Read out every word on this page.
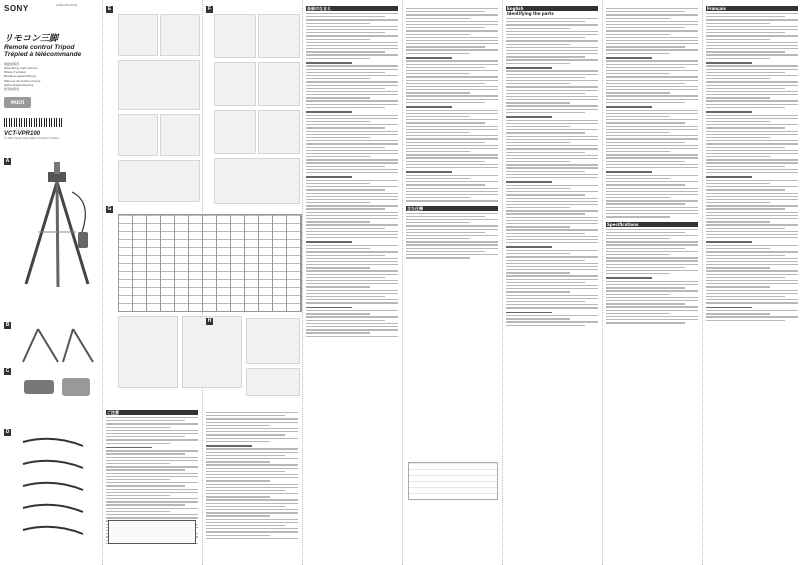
SONY	4-262-097-01(1)
リモコン三脚
Remote control Tripod
Trépied à télécommande
取扱説明書
Operating Instructions
Mode d'emploi
Bedienungsanleitung
Manual de instrucciones
Gebruiksaanwijzing
使用說明書
MULTI
VCT-VPR100
© 2011 Sony Corporation Printed in China
A
B
C
D
E
G
ご注意
F
H
各部のなまえ
主な仕様
English
Identifying the parts
Specifications
Français
